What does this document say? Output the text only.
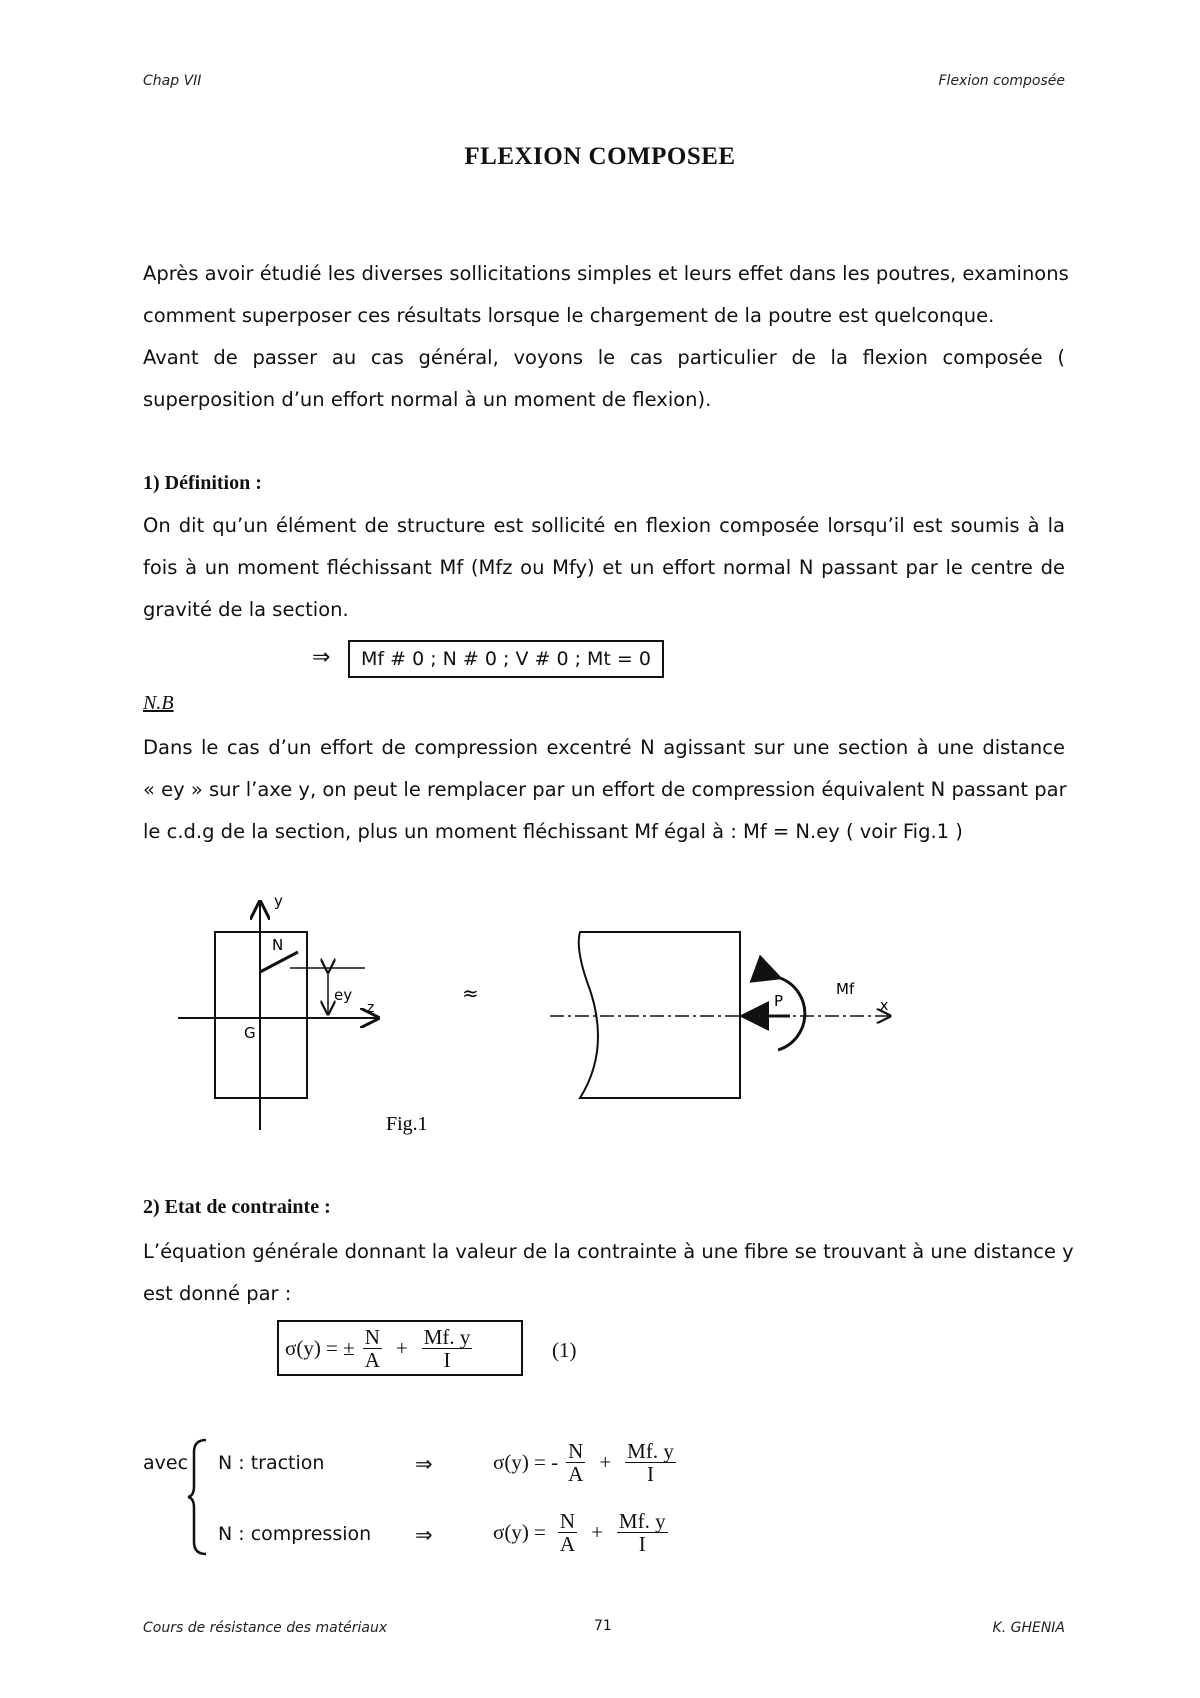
Chap VII	Flexion composée
FLEXION COMPOSEE
Après avoir étudié les diverses sollicitations simples et leurs effet dans les poutres, examinons
comment superposer ces résultats lorsque le chargement de la poutre est quelconque.
Avant de passer au cas général, voyons le cas particulier de la flexion composée (
superposition d’un effort normal à un moment de flexion).
1) Définition :
On dit qu’un élément de structure est sollicité en flexion composée lorsqu’il est soumis à la
fois à un moment fléchissant Mf (Mfz ou Mfy) et un effort normal N passant par le centre de
gravité de la section.
⇒	Mf # 0 ; N # 0 ; V # 0 ; Mt = 0
N.B
Dans le cas d’un effort de compression excentré N agissant sur une section à une distance
« ey » sur l’axe y, on peut le remplacer par un effort de compression équivalent N passant par
le c.d.g de la section, plus un moment fléchissant Mf égal à : Mf = N.ey ( voir Fig.1 )
y
N
ey
z
G
≈	P
Mf
x
Fig.1
2) Etat de contrainte :
L’équation générale donnant la valeur de la contrainte à une fibre se trouvant à une distance y
est donné par :
σ(y) = ± $\frac{N}{A} + \frac{Mf. y}{I}$	(1)
avec N : traction	⇒	σ(y) = - $\frac{N}{A} + \frac{Mf. y}{I}$
N : compression ⇒	$\sigma(y) = \frac{N}{A} + \frac{Mf. y}{I}$
Cours de résistance des matériaux	71	K. GHENIA
